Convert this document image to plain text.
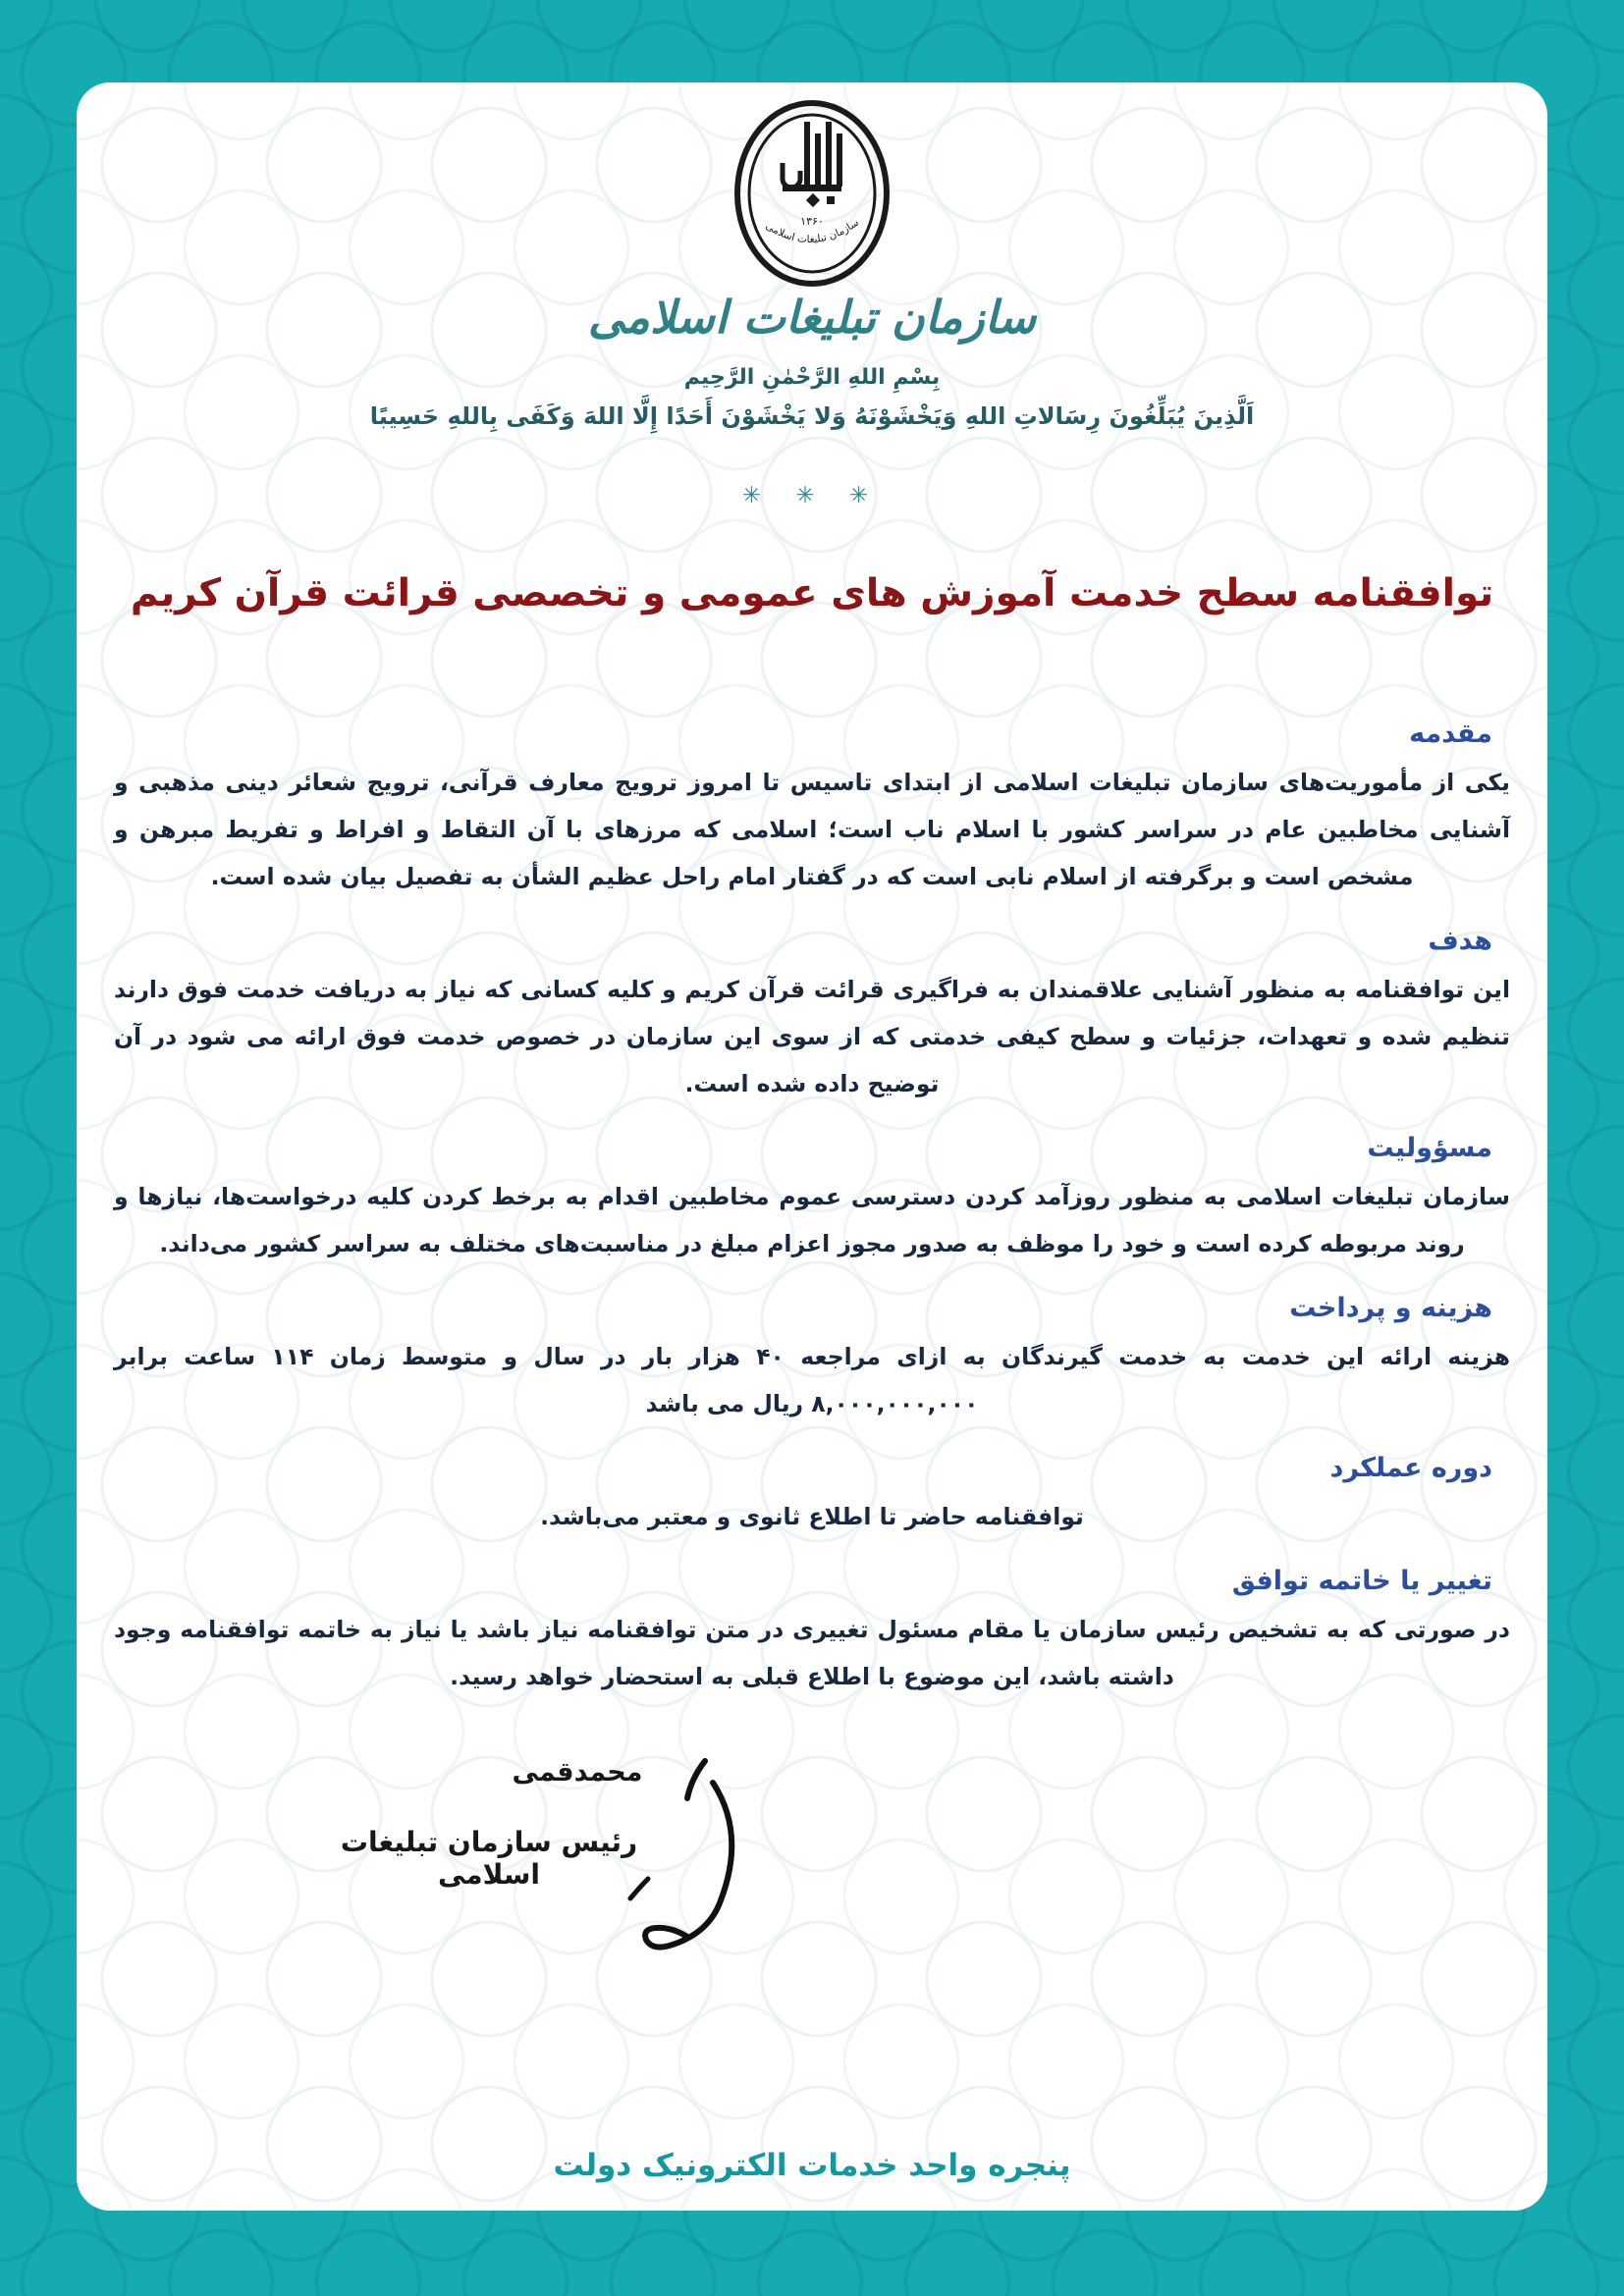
۱۳۶۰
سازمان تبلیغات اسلامی
سازمان تبلیغات اسلامی
بِسْمِ اللهِ الرَّحْمٰنِ الرَّحِيم
اَلَّذِينَ يُبَلِّغُونَ رِسَالاتِ اللهِ وَيَخْشَوْنَهُ وَلا يَخْشَوْنَ أَحَدًا إِلَّا اللهَ وَكَفَى بِاللهِ حَسِيبًا
✳ ✳ ✳
توافقنامه سطح خدمت آموزش های عمومی و تخصصی قرائت قرآن کریم
مقدمه

یکی از مأموریت‌های سازمان تبلیغات اسلامی از ابتدای تاسیس تا امروز ترویج معارف قرآنی، ترویج شعائر دینی مذهبی و آشنایی مخاطبین عام در سراسر کشور با اسلام ناب است؛ اسلامی که مرزهای با آن التقاط و افراط و تفریط مبرهن و مشخص است و برگرفته از اسلام نابی است که در گفتار امام راحل عظیم الشأن به تفصیل بیان شده است.

هدف

این توافقنامه به منظور آشنایی علاقمندان به فراگیری قرائت قرآن کریم و کلیه کسانی که نیاز به دریافت خدمت فوق دارند تنظیم شده و تعهدات، جزئیات و سطح کیفی خدمتی که از سوی این سازمان در خصوص خدمت فوق ارائه می شود در آن توضیح داده شده است.

مسؤولیت

سازمان تبلیغات اسلامی به منظور روزآمد کردن دسترسی عموم مخاطبین اقدام به برخط کردن کلیه درخواست‌ها، نیازها و روند مربوطه کرده است و خود را موظف به صدور مجوز اعزام مبلغ در مناسبت‌های مختلف به سراسر کشور می‌داند.

هزینه و پرداخت

هزینه ارائه این خدمت به خدمت گیرندگان به ازای مراجعه ۴۰ هزار بار در سال و متوسط زمان ۱۱۴ ساعت برابر ۸,۰۰۰,۰۰۰,۰۰۰ ریال می باشد

دوره عملکرد

توافقنامه حاضر تا اطلاع ثانوی و معتبر می‌باشد.

تغییر یا خاتمه توافق

در صورتی که به تشخیص رئیس سازمان یا مقام مسئول تغییری در متن توافقنامه نیاز باشد یا نیاز به خاتمه توافقنامه وجود داشته باشد، این موضوع با اطلاع قبلی به استحضار خواهد رسید.

محمدقمی
رئیس سازمان تبلیغات اسلامی
پنجره واحد خدمات الکترونیک دولت
